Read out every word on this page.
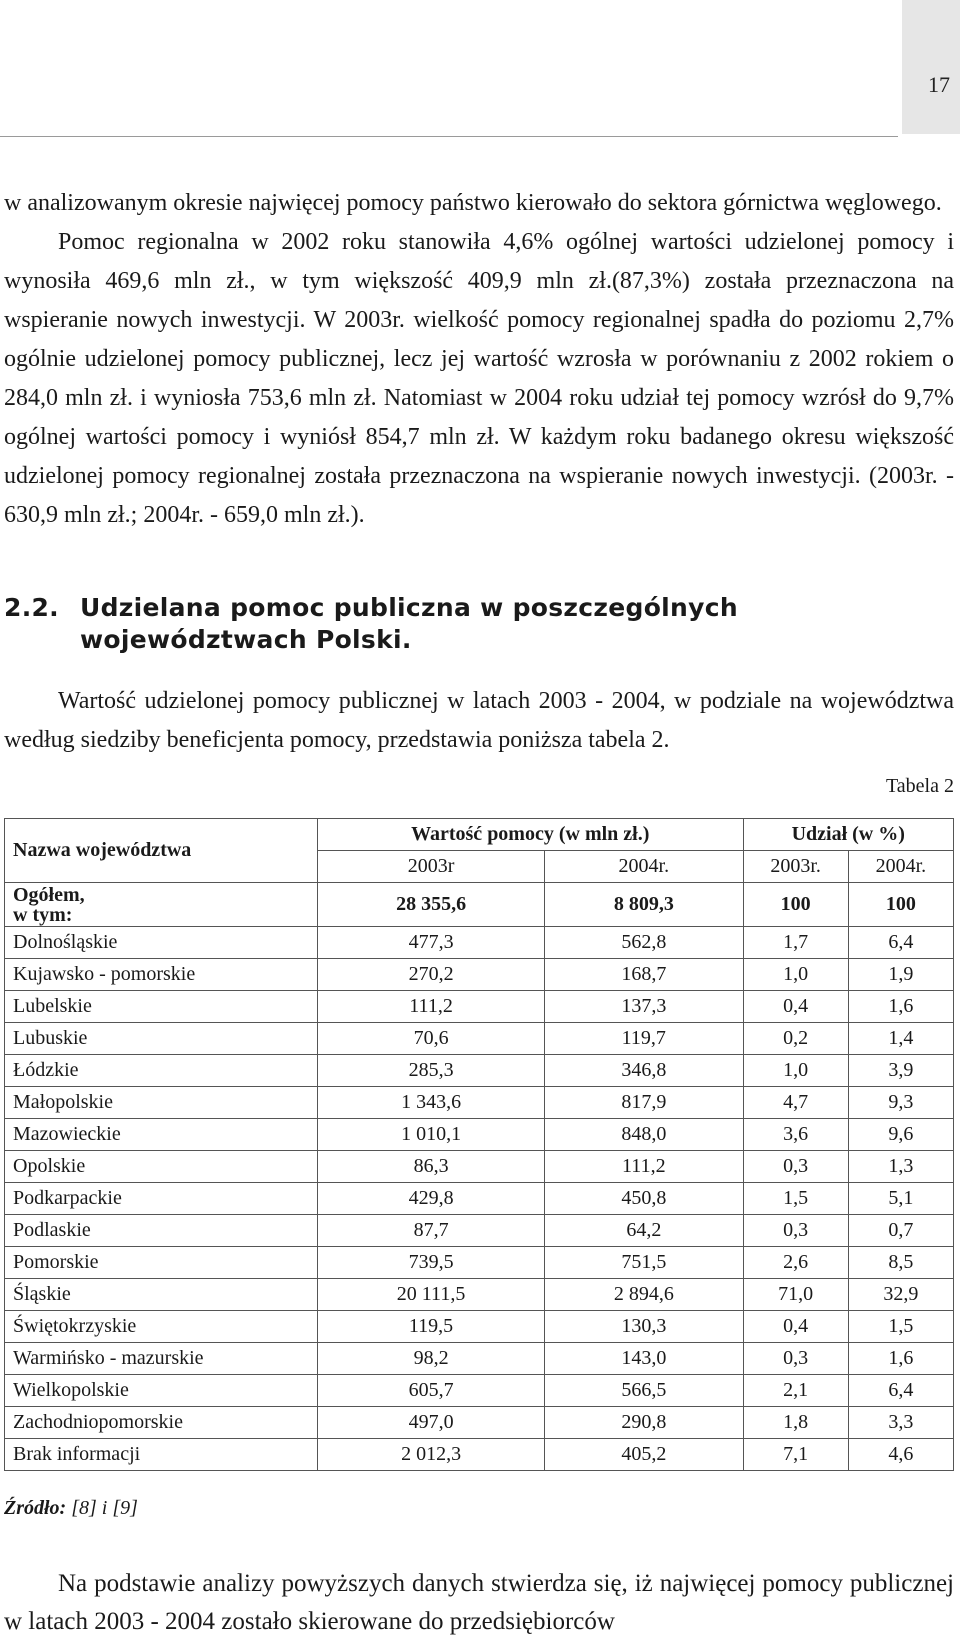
17

w analizowanym okresie najwięcej pomocy państwo kierowało do sektora górnictwa węglowego.

Pomoc regionalna w 2002 roku stanowiła 4,6% ogólnej wartości udzielonej pomocy i wynosiła 469,6 mln zł., w tym większość 409,9 mln zł.(87,3%) została przeznaczona na wspieranie nowych inwestycji. W 2003r. wielkość pomocy regionalnej spadła do poziomu 2,7% ogólnie udzielonej pomocy publicznej, lecz jej wartość wzrosła w porównaniu z 2002 rokiem o 284,0 mln zł. i wyniosła 753,6 mln zł. Natomiast w 2004 roku udział tej pomocy wzrósł do 9,7% ogólnej wartości pomocy i wyniósł 854,7 mln zł. W każdym roku badanego okresu większość udzielonej pomocy regionalnej została przeznaczona na wspieranie nowych inwestycji. (2003r. - 630,9 mln zł.; 2004r. - 659,0 mln zł.).

2.2. Udzielana pomoc publiczna w poszczególnych
województwach Polski.

Wartość udzielonej pomocy publicznej w latach 2003 - 2004, w podziale na województwa według siedziby beneficjenta pomocy, przedstawia poniższa tabela 2.

Tabela 2
Nazwa województwa	Wartość pomocy (w mln zł.)		Udział (w %)	
	2003r	2004r.	2003r.	2004r.

Ogółem,
w tym:	28 355,6	8 809,3	100	100
Dolnośląskie	477,3	562,8	1,7	6,4
Kujawsko - pomorskie	270,2	168,7	1,0	1,9
Lubelskie	111,2	137,3	0,4	1,6
Lubuskie	70,6	119,7	0,2	1,4
Łódzkie	285,3	346,8	1,0	3,9
Małopolskie	1 343,6	817,9	4,7	9,3
Mazowieckie	1 010,1	848,0	3,6	9,6
Opolskie	86,3	111,2	0,3	1,3
Podkarpackie	429,8	450,8	1,5	5,1
Podlaskie	87,7	64,2	0,3	0,7
Pomorskie	739,5	751,5	2,6	8,5
Śląskie	20 111,5	2 894,6	71,0	32,9
Świętokrzyskie	119,5	130,3	0,4	1,5
Warmińsko - mazurskie	98,2	143,0	0,3	1,6
Wielkopolskie	605,7	566,5	2,1	6,4
Zachodniopomorskie	497,0	290,8	1,8	3,3
Brak informacji	2 012,3	405,2	7,1	4,6
Źródło: [8] i [9]

Na podstawie analizy powyższych danych stwierdza się, iż najwięcej pomocy publicznej w latach 2003 - 2004 zostało skierowane do przedsiębiorców
